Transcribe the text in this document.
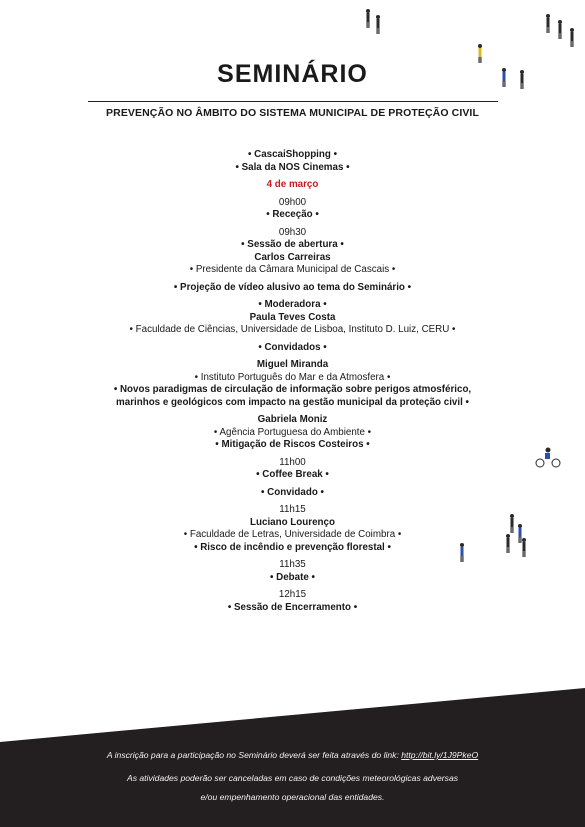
SEMINÁRIO
PREVENÇÃO NO ÂMBITO DO SISTEMA MUNICIPAL DE PROTEÇÃO CIVIL
• CascaiShopping •
• Sala da NOS Cinemas •
4 de março
09h00
• Receção •
09h30
• Sessão de abertura •
Carlos Carreiras
• Presidente da Câmara Municipal de Cascais •
• Projeção de vídeo alusivo ao tema do Seminário •
• Moderadora •
Paula Teves Costa
• Faculdade de Ciências, Universidade de Lisboa, Instituto D. Luiz, CERU •
• Convidados •
Miguel Miranda
• Instituto Português do Mar e da Atmosfera •
• Novos paradigmas de circulação de informação sobre perigos atmosférico,
marinhos e geológicos com impacto na gestão municipal da proteção civil •
Gabriela Moniz
• Agência Portuguesa do Ambiente •
• Mitigação de Riscos Costeiros •
11h00
• Coffee Break •
• Convidado •
11h15
Luciano Lourenço
• Faculdade de Letras, Universidade de Coimbra •
• Risco de incêndio e prevenção florestal •
11h35
• Debate •
12h15
• Sessão de Encerramento •
A inscrição para a participação no Seminário deverá ser feita através do link: http://bit.ly/1J9PkeO
As atividades poderão ser canceladas em caso de condições meteorológicas adversas
e/ou empenhamento operacional das entidades.
